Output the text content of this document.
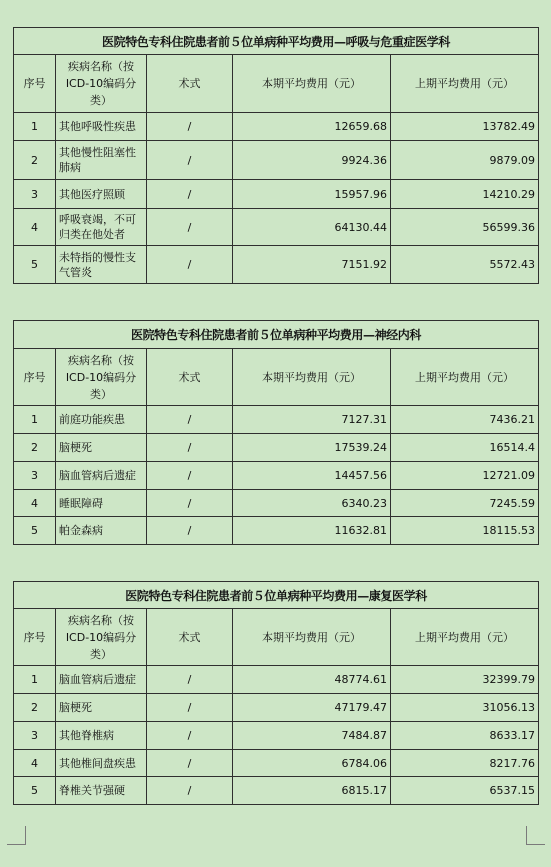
医院特色专科住院患者前５位单病种平均费用—呼吸与危重症医学科				
序号	疾病名称（按ICD-10编码分类）	术式	本期平均费用（元）	上期平均费用（元）
1	其他呼吸性疾患	/	12659.68	13782.49
2	其他慢性阻塞性肺病	/	9924.36	9879.09
3	其他医疗照顾	/	15957.96	14210.29
4	呼吸衰竭，不可归类在他处者	/	64130.44	56599.36
5	未特指的慢性支气管炎	/	7151.92	5572.43
医院特色专科住院患者前５位单病种平均费用—神经内科				
序号	疾病名称（按ICD-10编码分类）	术式	本期平均费用（元）	上期平均费用（元）
1	前庭功能疾患	/	7127.31	7436.21
2	脑梗死	/	17539.24	16514.4
3	脑血管病后遗症	/	14457.56	12721.09
4	睡眠障碍	/	6340.23	7245.59
5	帕金森病	/	11632.81	18115.53
医院特色专科住院患者前５位单病种平均费用—康复医学科				
序号	疾病名称（按ICD-10编码分类）	术式	本期平均费用（元）	上期平均费用（元）
1	脑血管病后遗症	/	48774.61	32399.79
2	脑梗死	/	47179.47	31056.13
3	其他脊椎病	/	7484.87	8633.17
4	其他椎间盘疾患	/	6784.06	8217.76
5	脊椎关节强硬	/	6815.17	6537.15
